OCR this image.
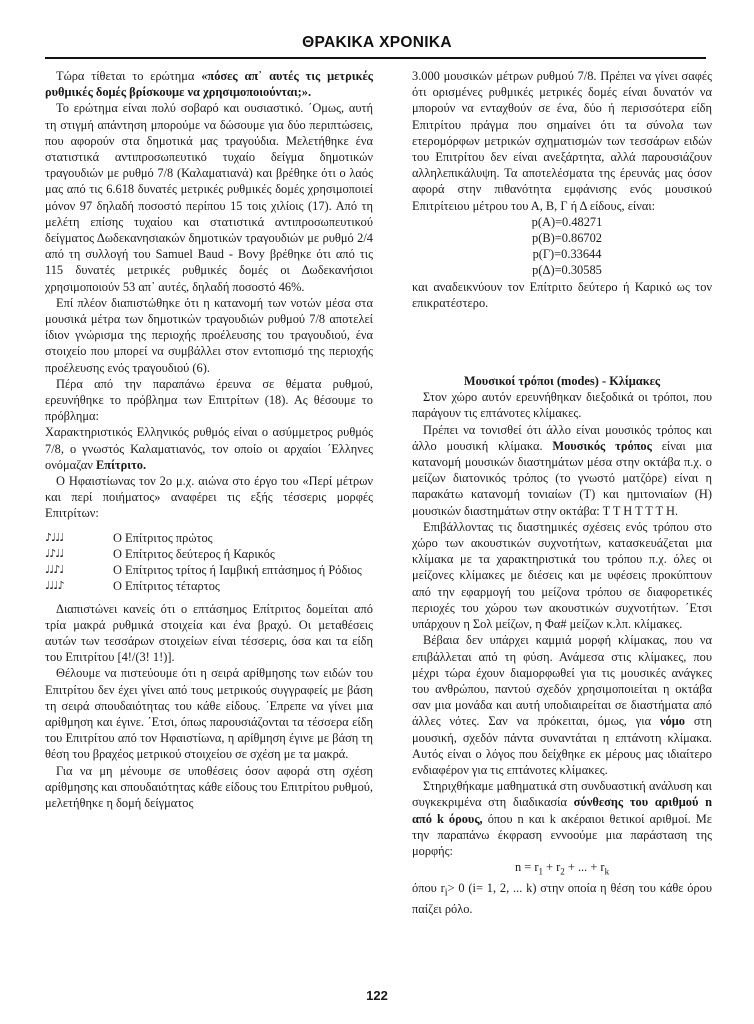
ΘΡΑΚΙΚΑ ΧΡΟΝΙΚΑ

Τώρα τίθεται το ερώτημα «πόσες απ᾽ αυτές τις μετρικές ρυθμικές δομές βρίσκουμε να χρησιμοποιούνται;».

Το ερώτημα είναι πολύ σοβαρό και ουσιαστικό. ΄Ομως, αυτή τη στιγμή απάντηση μπορούμε να δώσουμε για δύο περιπτώσεις, που αφορούν στα δημοτικά μας τραγούδια. Μελετήθηκε ένα στατιστικά αντιπροσωπευτικό τυχαίο δείγμα δημοτικών τραγουδιών με ρυθμό 7/8 (Καλαματιανά) και βρέθηκε ότι ο λαός μας από τις 6.618 δυνατές μετρικές ρυθμικές δομές χρησιμοποιεί μόνον 97 δηλαδή ποσοστό περίπου 15 τοις χιλίοις (17). Από τη μελέτη επίσης τυχαίου και στατιστικά αντιπροσωπευτικού δείγματος Δωδεκανησιακών δημοτικών τραγουδιών με ρυθμό 2/4 από τη συλλογή του Samuel Baud - Bovy βρέθηκε ότι από τις 115 δυνατές μετρικές ρυθμικές δομές οι Δωδεκανήσιοι χρησιμοποιούν 53 απ᾽ αυτές, δηλαδή ποσοστό 46%.

Επί πλέον διαπιστώθηκε ότι η κατανομή των νοτών μέσα στα μουσικά μέτρα των δημοτικών τραγουδιών ρυθμού 7/8 αποτελεί ίδιον γνώρισμα της περιοχής προέλευσης του τραγουδιού, ένα στοιχείο που μπορεί να συμβάλλει στον εντοπισμό της περιοχής προέλευσης ενός τραγουδιού (6).

Πέρα από την παραπάνω έρευνα σε θέματα ρυθμού, ερευνήθηκε το πρόβλημα των Επιτρίτων (18). Ας θέσουμε το πρόβλημα:

Χαρακτηριστικός Ελληνικός ρυθμός είναι ο ασύμμετρος ρυθμός 7/8, ο γνωστός Καλαματιανός, τον οποίο οι αρχαίοι ΄Ελληνες ονόμαζαν Επίτριτο.

Ο Ηφαιστίωνας τον 2ο μ.χ. αιώνα στο έργο του «Περί μέτρων και περί ποιήματος» αναφέρει τις εξής τέσσερις μορφές Επιτρίτων:

♪♩♩♩	Ο Επίτριτος πρώτος
♩♪♩♩	Ο Επίτριτος δεύτερος ή Καρικός
♩♩♪♩	Ο Επίτριτος τρίτος ή Ιαμβική επτάσημος ή Ρόδιος
♩♩♩♪	Ο Επίτριτος τέταρτος

Διαπιστώνει κανείς ότι ο επτάσημος Επίτριτος δομείται από τρία μακρά ρυθμικά στοιχεία και ένα βραχύ. Οι μεταθέσεις αυτών των τεσσάρων στοιχείων είναι τέσσερις, όσα και τα είδη του Επιτρίτου [4!/(3! 1!)].

Θέλουμε να πιστεύουμε ότι η σειρά αρίθμησης των ειδών του Επιτρίτου δεν έχει γίνει από τους μετρικούς συγγραφείς με βάση τη σειρά σπουδαιότητας του κάθε είδους. ΄Επρεπε να γίνει μια αρίθμηση και έγινε. ΄Ετσι, όπως παρουσιάζονται τα τέσσερα είδη του Επιτρίτου από τον Ηφαιστίωνα, η αρίθμηση έγινε με βάση τη θέση του βραχέος μετρικού στοιχείου σε σχέση με τα μακρά.

Για να μη μένουμε σε υποθέσεις όσον αφορά στη σχέση αρίθμησης και σπουδαιότητας κάθε είδους του Επιτρίτου ρυθμού, μελετήθηκε η δομή δείγματος

3.000 μουσικών μέτρων ρυθμού 7/8. Πρέπει να γίνει σαφές ότι ορισμένες ρυθμικές μετρικές δομές είναι δυνατόν να μπορούν να ενταχθούν σε ένα, δύο ή περισσότερα είδη Επιτρίτου πράγμα που σημαίνει ότι τα σύνολα των ετερομόρφων μετρικών σχηματισμών των τεσσάρων ειδών του Επιτρίτου δεν είναι ανεξάρτητα, αλλά παρουσιάζουν αλληλεπικάλυψη. Τα αποτελέσματα της έρευνάς μας όσον αφορά στην πιθανότητα εμφάνισης ενός μουσικού Επιτρίτειου μέτρου του Α, Β, Γ ή Δ είδους, είναι:

p(A)=0.48271
p(B)=0.86702
p(Γ)=0.33644
p(Δ)=0.30585

και αναδεικνύουν τον Επίτριτο δεύτερο ή Καρικό ως τον επικρατέστερο.

Μουσικοί τρόποι (modes) - Κλίμακες

Στον χώρο αυτόν ερευνήθηκαν διεξοδικά οι τρόποι, που παράγουν τις επτάνοτες κλίμακες.

Πρέπει να τονισθεί ότι άλλο είναι μουσικός τρόπος και άλλο μουσική κλίμακα. Μουσικός τρόπος είναι μια κατανομή μουσικών διαστημάτων μέσα στην οκτάβα π.χ. ο μείζων διατονικός τρόπος (το γνωστό ματζόρε) είναι η παρακάτω κατανομή τονιαίων (Τ) και ημιτονιαίων (Η) μουσικών διαστημάτων στην οκτάβα: Τ Τ Η Τ Τ Τ Η.

Επιβάλλοντας τις διαστημικές σχέσεις ενός τρόπου στο χώρο των ακουστικών συχνοτήτων, κατασκευάζεται μια κλίμακα με τα χαρακτηριστικά του τρόπου π.χ. όλες οι μείζονες κλίμακες με διέσεις και με υφέσεις προκύπτουν από την εφαρμογή του μείζονα τρόπου σε διαφορετικές περιοχές του χώρου των ακουστικών συχνοτήτων. ΄Ετσι υπάρχουν η Σολ μείζων, η Φα# μείζων κ.λπ. κλίμακες.

Βέβαια δεν υπάρχει καμμιά μορφή κλίμακας, που να επιβάλλεται από τη φύση. Ανάμεσα στις κλίμακες, που μέχρι τώρα έχουν διαμορφωθεί για τις μουσικές ανάγκες του ανθρώπου, παντού σχεδόν χρησιμοποιείται η οκτάβα σαν μια μονάδα και αυτή υποδιαιρείται σε διαστήματα από άλλες νότες. Σαν να πρόκειται, όμως, για νόμο στη μουσική, σχεδόν πάντα συναντάται η επτάνοτη κλίμακα. Αυτός είναι ο λόγος που δείχθηκε εκ μέρους μας ιδιαίτερο ενδιαφέρον για τις επτάνοτες κλίμακες.

Στηριχθήκαμε μαθηματικά στη συνδυαστική ανάλυση και συγκεκριμένα στη διαδικασία σύνθεσης του αριθμού n από k όρους, όπου n και k ακέραιοι θετικοί αριθμοί. Με την παραπάνω έκφραση εννοούμε μια παράσταση της μορφής:

$n = r_1 + r_2$ + ... + $r_k$

όπου $r_i> 0$ (i= 1, 2, ... k) στην οποία η θέση του κάθε όρου παίζει ρόλο.

122
